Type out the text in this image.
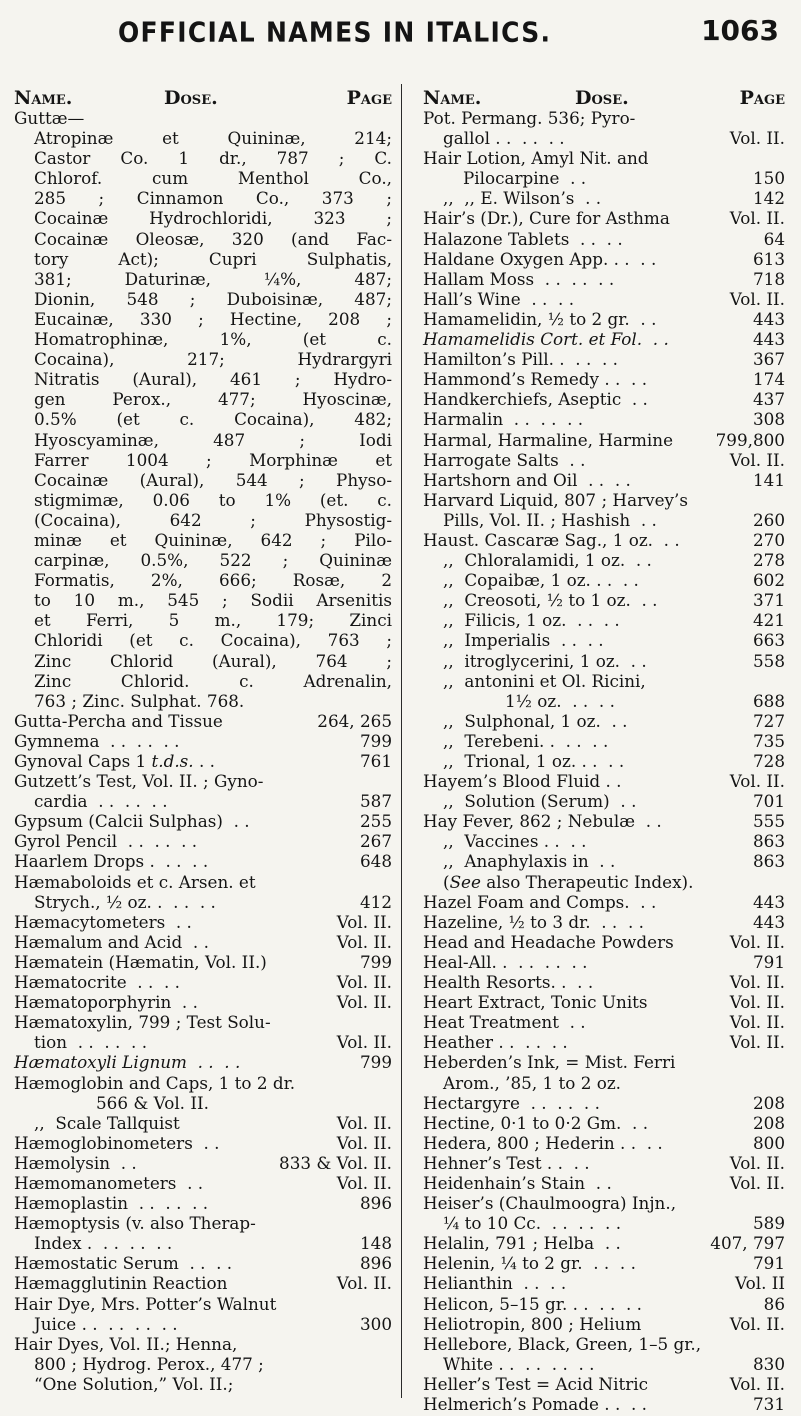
OFFICIAL NAMES IN ITALICS.	1063
Name.	Dose.	Page
Guttæ—
Atropinæ et Quininæ, 214;
Castor Co. 1 dr., 787 ; C.
Chlorof. cum Menthol Co.,
285 ; Cinnamon Co., 373 ;
Cocainæ Hydrochloridi, 323 ;
Cocainæ Oleosæ, 320 (and Fac-
tory Act); Cupri Sulphatis,
381; Daturinæ, ¼%, 487;
Dionin, 548 ; Duboisinæ, 487;
Eucainæ, 330 ; Hectine, 208 ;
Homatrophinæ, 1%, (et c.
Cocaina), 217; Hydrargyri
Nitratis (Aural), 461 ; Hydro-
gen Perox., 477; Hyoscinæ,
0.5% (et c. Cocaina), 482;
Hyoscyaminæ, 487 ; Iodi
Farrer 1004 ; Morphinæ et
Cocainæ (Aural), 544 ; Physo-
stigmimæ, 0.06 to 1% (et. c.
(Cocaina), 642 ; Physostig-
minæ et Quininæ, 642 ; Pilo-
carpinæ, 0.5%, 522 ; Quininæ
Formatis, 2%, 666; Rosæ, 2
to 10 m., 545 ; Sodii Arsenitis
et Ferri, 5 m., 179; Zinci
Chloridi (et c. Cocaina), 763 ;
Zinc Chlorid (Aural), 764 ;
Zinc Chlorid. c. Adrenalin,
763 ; Zinc. Sulphat. 768.
Gutta-Percha and Tissue	264, 265
Gymnema  . .  . .  . .	799
Gynoval Caps 1 t.d.s. . .	761
Gutzett’s Test, Vol. II. ; Gyno-
cardia  . .  . .  . .	587
Gypsum (Calcii Sulphas)  . .	255
Gyrol Pencil  . .  . .  . .	267
Haarlem Drops .  . .  . .	648
Hæmaboloids et c. Arsen. et
Strych., ½ oz. .  . .  . .	412
Hæmacytometers  . .	Vol. II.
Hæmalum and Acid  . .	Vol. II.
Hæmatein (Hæmatin, Vol. II.)	799
Hæmatocrite  . .  . .	Vol. II.
Hæmatoporphyrin  . .	Vol. II.
Hæmatoxylin, 799 ; Test Solu-
tion  . .  . .  . .	Vol. II.
Hæmatoxyli Lignum  . .  . .	799
Hæmoglobin and Caps, 1 to 2 dr.
566 & Vol. II.
,,  Scale Tallquist	Vol. II.
Hæmoglobinometers  . .	Vol. II.
Hæmolysin  . .	833 & Vol. II.
Hæmomanometers  . .	Vol. II.
Hæmoplastin  . .  . .  . .	896
Hæmoptysis (v. also Therap-
Index .  . .  . .  . .	148
Hæmostatic Serum  . .  . .	896
Hæmagglutinin Reaction	Vol. II.
Hair Dye, Mrs. Potter’s Walnut
Juice . .  . .  . .  . .	300
Hair Dyes, Vol. II.; Henna,
800 ; Hydrog. Perox., 477 ;
“One Solution,” Vol. II.;
Name.	Dose.	Page
Pot. Permang. 536; Pyro-
gallol . .  . .  . .	Vol. II.
Hair Lotion, Amyl Nit. and
Pilocarpine  . .	150
,,  ,, E. Wilson’s  . .	142
Hair’s (Dr.), Cure for Asthma	Vol. II.
Halazone Tablets  . .  . .	64
Haldane Oxygen App. . .  . .	613
Hallam Moss  . .  . .  . .	718
Hall’s Wine  . .  . .	Vol. II.
Hamamelidin, ½ to 2 gr.  . .	443
Hamamelidis Cort. et Fol.  . .	443
Hamilton’s Pill. .  . .  . .	367
Hammond’s Remedy . .  . .	174
Handkerchiefs, Aseptic  . .	437
Harmalin  . .  . .  . .	308
Harmal, Harmaline, Harmine	799,800
Harrogate Salts  . .	Vol. II.
Hartshorn and Oil  . .  . .	141
Harvard Liquid, 807 ; Harvey’s
Pills, Vol. II. ; Hashish  . .	260
Haust. Cascaræ Sag., 1 oz.  . .	270
,,  Chloralamidi, 1 oz.  . .	278
,,  Copaibæ, 1 oz. . .  . .	602
,,  Creosoti, ½ to 1 oz.  . .	371
,,  Filicis, 1 oz.  . .  . .	421
,,  Imperialis  . .  . .	663
,,  itroglycerini, 1 oz.  . .	558
,,  antonini et Ol. Ricini,
1½ oz.  . .  . .	688
,,  Sulphonal, 1 oz.  . .	727
,,  Terebeni. .  . .  . .	735
,,  Trional, 1 oz. . .  . .	728
Hayem’s Blood Fluid . .	Vol. II.
,,  Solution (Serum)  . .	701
Hay Fever, 862 ; Nebulæ  . .	555
,,  Vaccines . .  . .	863
,,  Anaphylaxis in  . .	863
(See also Therapeutic Index).
Hazel Foam and Comps.  . .	443
Hazeline, ½ to 3 dr.  . .  . .	443
Head and Headache Powders	Vol. II.
Heal-All. .  . .  . .  . .	791
Health Resorts. .  . .	Vol. II.
Heart Extract, Tonic Units	Vol. II.
Heat Treatment  . .	Vol. II.
Heather . .  . .  . .	Vol. II.
Heberden’s Ink, = Mist. Ferri
Arom., ’85, 1 to 2 oz.
Hectargyre  . .  . .  . .	208
Hectine, 0·1 to 0·2 Gm.  . .	208
Hedera, 800 ; Hederin . .  . .	800
Hehner’s Test . .  . .	Vol. II.
Heidenhain’s Stain  . .	Vol. II.
Heiser’s (Chaulmoogra) Injn.,
¼ to 10 Cc.  . .  . .  . .	589
Helalin, 791 ; Helba  . .	407, 797
Helenin, ¼ to 2 gr.  . .  . .	791
Helianthin  . .  . .	Vol. II
Helicon, 5–15 gr. . .  . .  . .	86
Heliotropin, 800 ; Helium	Vol. II.
Hellebore, Black, Green, 1–5 gr.,
White . .  . .  . .  . .	830
Heller’s Test = Acid Nitric	Vol. II.
Helmerich’s Pomade . .  . .	731
